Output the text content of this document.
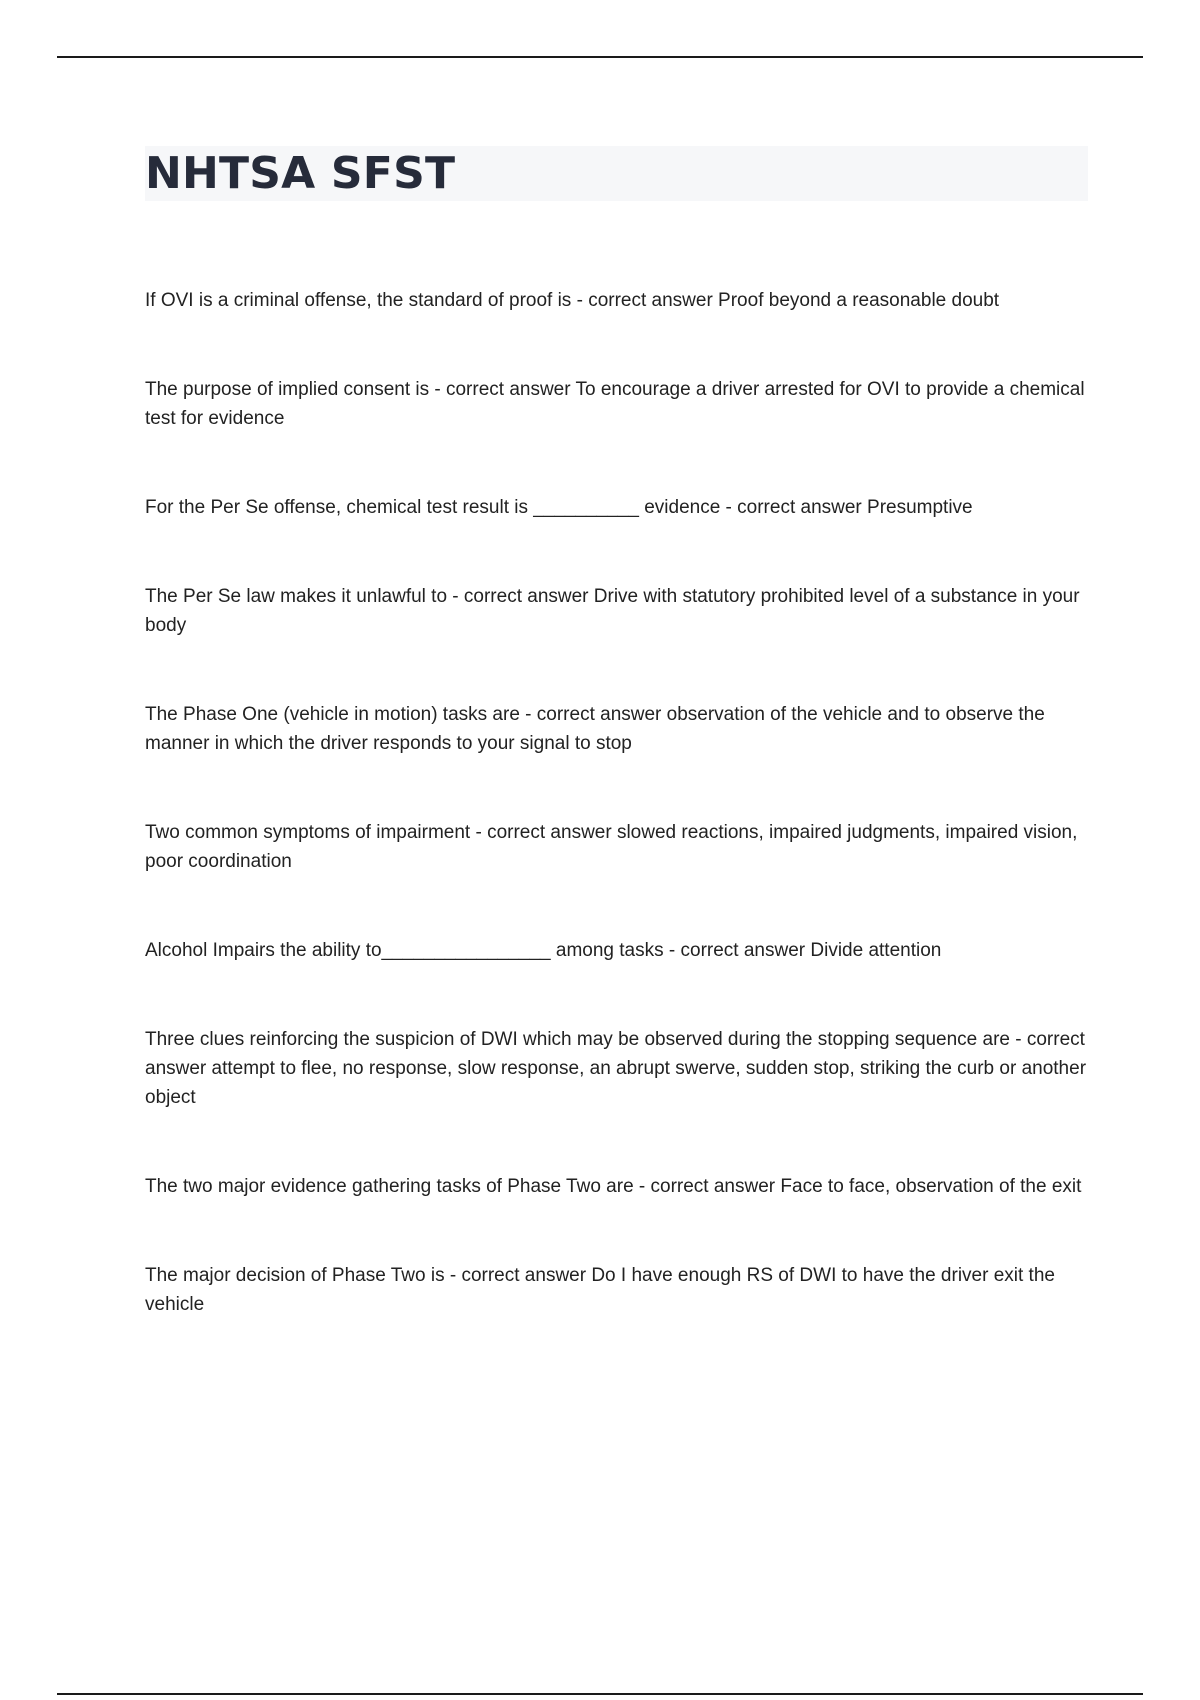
NHTSA SFST

If OVI is a criminal offense, the standard of proof is - correct answer Proof beyond a reasonable doubt

The purpose of implied consent is - correct answer To encourage a driver arrested for OVI to provide a chemical test for evidence

For the Per Se offense, chemical test result is __________ evidence - correct answer Presumptive

The Per Se law makes it unlawful to - correct answer Drive with statutory prohibited level of a substance in your body

The Phase One (vehicle in motion) tasks are - correct answer observation of the vehicle and to observe the manner in which the driver responds to your signal to stop

Two common symptoms of impairment - correct answer slowed reactions, impaired judgments, impaired vision, poor coordination

Alcohol Impairs the ability to________________ among tasks - correct answer Divide attention

Three clues reinforcing the suspicion of DWI which may be observed during the stopping sequence are - correct answer attempt to flee, no response, slow response, an abrupt swerve, sudden stop, striking the curb or another object

The two major evidence gathering tasks of Phase Two are - correct answer Face to face, observation of the exit

The major decision of Phase Two is - correct answer Do I have enough RS of DWI to have the driver exit the vehicle
